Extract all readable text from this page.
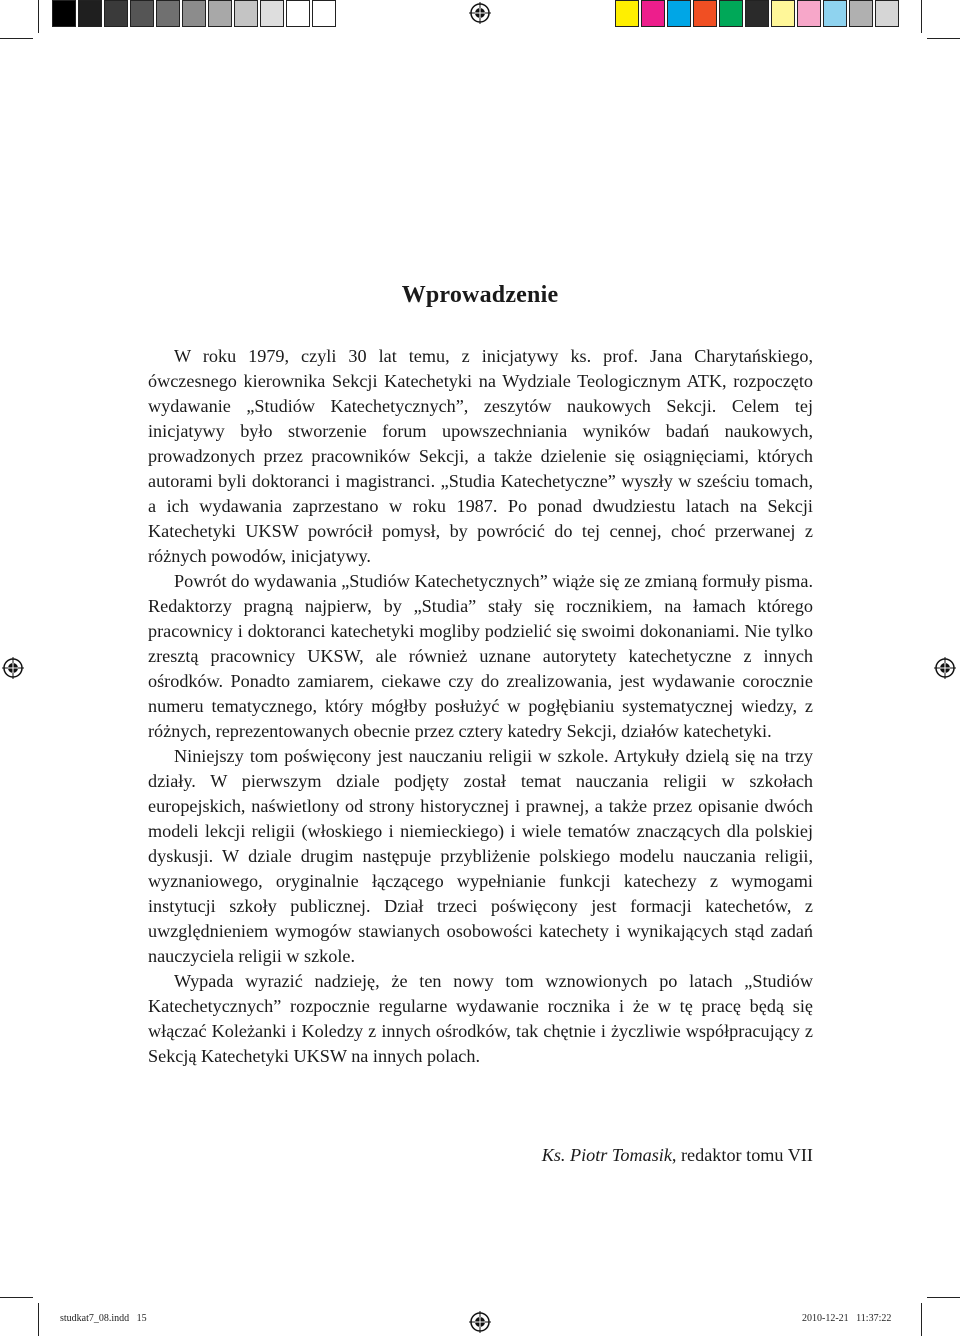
Wprowadzenie

W roku 1979, czyli 30 lat temu, z inicjatywy ks. prof. Jana Charytańskiego, ówczesnego kierownika Sekcji Katechetyki na Wydziale Teologicznym ATK, rozpoczęto wydawanie „Studiów Katechetycznych”, zeszytów naukowych Sekcji. Celem tej inicjatywy było stworzenie forum upowszechniania wyników badań naukowych, prowadzonych przez pracowników Sekcji, a także dzielenie się osiągnięciami, których autorami byli doktoranci i magistranci. „Studia Katechetyczne” wyszły w sześciu tomach, a ich wydawania zaprzestano w roku 1987. Po ponad dwudziestu latach na Sekcji Katechetyki UKSW powrócił pomysł, by powrócić do tej cennej, choć przerwanej z różnych powodów, inicjatywy.

Powrót do wydawania „Studiów Katechetycznych” wiąże się ze zmianą formuły pisma. Redaktorzy pragną najpierw, by „Studia” stały się rocznikiem, na łamach którego pracownicy i doktoranci katechetyki mogliby podzielić się swoimi dokonaniami. Nie tylko zresztą pracownicy UKSW, ale również uznane autorytety katechetyczne z innych ośrodków. Ponadto zamiarem, ciekawe czy do zrealizowania, jest wydawanie corocznie numeru tematycznego, który mógłby posłużyć w pogłębianiu systematycznej wiedzy, z różnych, reprezentowanych obecnie przez cztery katedry Sekcji, działów katechetyki.

Niniejszy tom poświęcony jest nauczaniu religii w szkole. Artykuły dzielą się na trzy działy. W pierwszym dziale podjęty został temat nauczania religii w szkołach europejskich, naświetlony od strony historycznej i prawnej, a także przez opisanie dwóch modeli lekcji religii (włoskiego i niemieckiego) i wiele tematów znaczących dla polskiej dyskusji. W dziale drugim następuje przybliżenie polskiego modelu nauczania religii, wyznaniowego, oryginalnie łączącego wypełnianie funkcji katechezy z wymogami instytucji szkoły publicznej. Dział trzeci poświęcony jest formacji katechetów, z uwzględnieniem wymogów stawianych osobowości katechety i wynikających stąd zadań nauczyciela religii w szkole.

Wypada wyrazić nadzieję, że ten nowy tom wznowionych po latach „Studiów Katechetycznych” rozpocznie regularne wydawanie rocznika i że w tę pracę będą się włączać Koleżanki i Koledzy z innych ośrodków, tak chętnie i życzliwie współpracujący z Sekcją Katechetyki UKSW na innych polach.

Ks. Piotr Tomasik, redaktor tomu VII
studkat7_08.indd   15	2010-12-21   11:37:22
